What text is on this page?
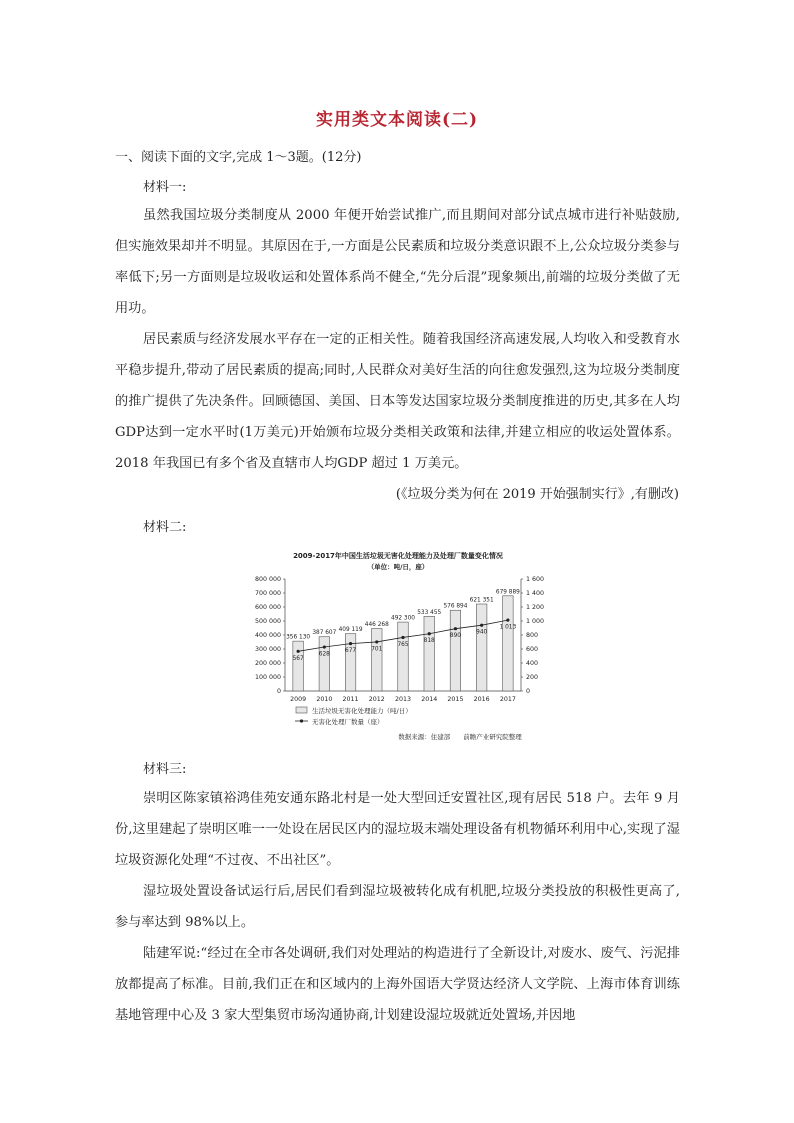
实用类文本阅读(二)
一、阅读下面的文字,完成 1～3题。(12分)
材料一:

虽然我国垃圾分类制度从 2000 年便开始尝试推广,而且期间对部分试点城市进行补贴鼓励,但实施效果却并不明显。其原因在于,一方面是公民素质和垃圾分类意识跟不上,公众垃圾分类参与率低下;另一方面则是垃圾收运和处置体系尚不健全,“先分后混”现象频出,前端的垃圾分类做了无用功。

居民素质与经济发展水平存在一定的正相关性。随着我国经济高速发展,人均收入和受教育水平稳步提升,带动了居民素质的提高;同时,人民群众对美好生活的向往愈发强烈,这为垃圾分类制度的推广提供了先决条件。回顾德国、美国、日本等发达国家垃圾分类制度推进的历史,其多在人均GDP达到一定水平时(1万美元)开始颁布垃圾分类相关政策和法律,并建立相应的收运处置体系。2018 年我国已有多个省及直辖市人均GDP 超过 1 万美元。

(《垃圾分类为何在 2019 开始强制实行》,有删改)
材料二:
2009-2017年中国生活垃圾无害化处理能力及处理厂数量变化情况
（单位：吨/日，座）
0
100 000
200 000
300 000
400 000
500 000
600 000
700 000
800 000
0
200
400
600
800
1 000
1 200
1 400
1 600
356 130
387 607
409 119
446 268
492 300
533 455
576 894
621 351
679 889
2009 2010 2011 2012 2013 2014 2015 2016 2017
567
628
677	701
765
818
890
940
1 013
生活垃圾无害化处理能力（吨/日）
无害化处理厂数量（座）
数据来源：住建部　　前瞻产业研究院整理
材料三:

崇明区陈家镇裕鸿佳苑安通东路北村是一处大型回迁安置社区,现有居民 518 户。去年 9 月份,这里建起了崇明区唯一一处设在居民区内的湿垃圾末端处理设备有机物循环利用中心,实现了湿垃圾资源化处理“不过夜、不出社区”。

湿垃圾处置设备试运行后,居民们看到湿垃圾被转化成有机肥,垃圾分类投放的积极性更高了,参与率达到 98%以上。

陆建军说:“经过在全市各处调研,我们对处理站的构造进行了全新设计,对废水、废气、污泥排放都提高了标准。目前,我们正在和区域内的上海外国语大学贤达经济人文学院、上海市体育训练基地管理中心及 3 家大型集贸市场沟通协商,计划建设湿垃圾就近处置场,并因地
